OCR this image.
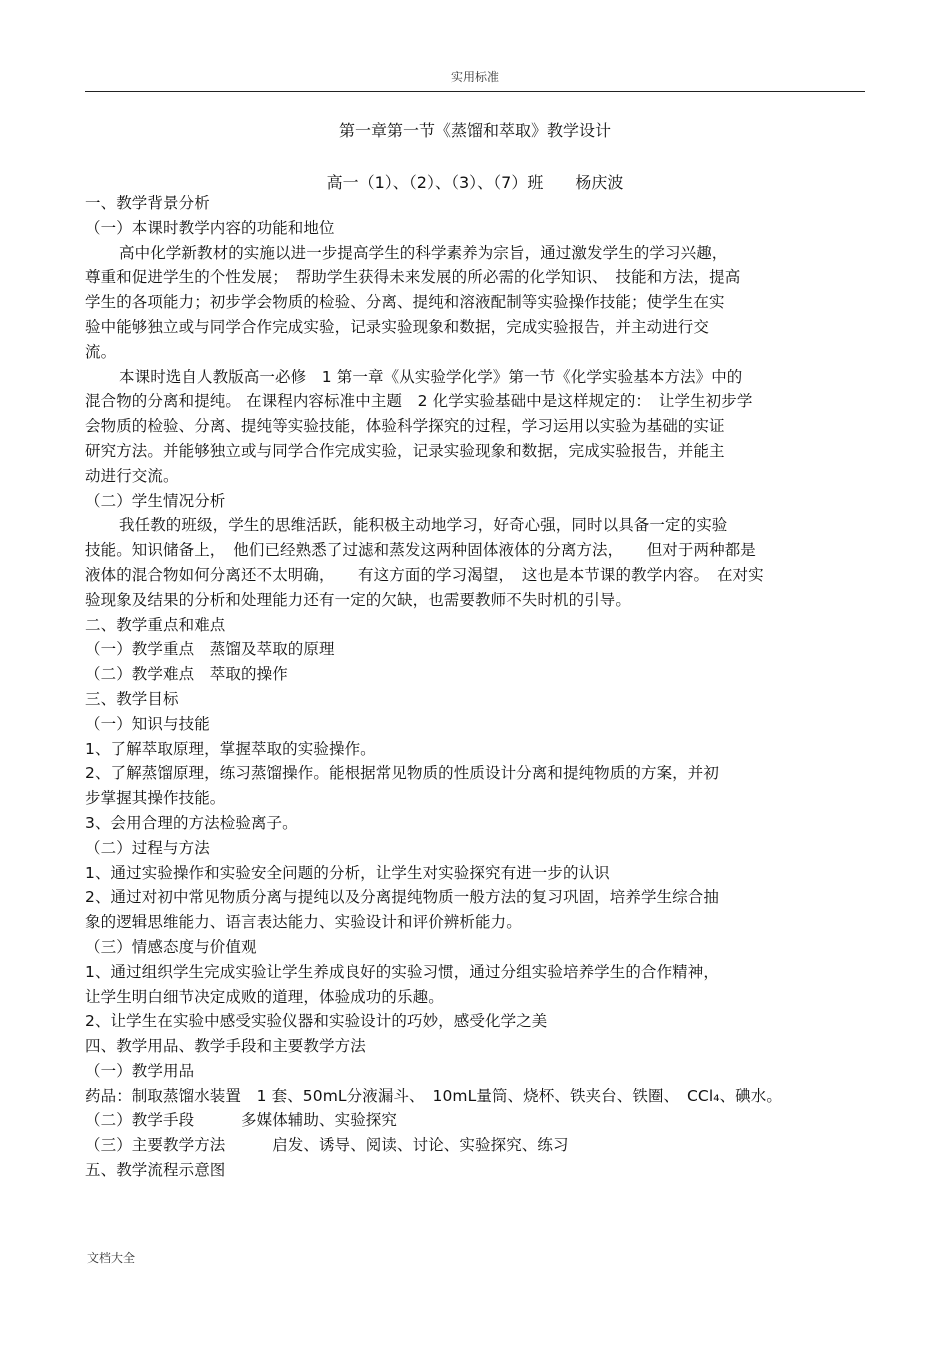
实用标准
第一章第一节《蒸馏和萃取》教学设计
高一（1）、（2）、（3）、（7）班　　杨庆波
一、教学背景分析
（一）本课时教学内容的功能和地位
高中化学新教材的实施以进一步提高学生的科学素养为宗旨，通过激发学生的学习兴趣，
尊重和促进学生的个性发展；　帮助学生获得未来发展的所必需的化学知识、　技能和方法，提高
学生的各项能力；初步学会物质的检验、分离、提纯和溶液配制等实验操作技能；使学生在实
验中能够独立或与同学合作完成实验，记录实验现象和数据，完成实验报告，并主动进行交
流。
本课时选自人教版高一必修　1 第一章《从实验学化学》第一节《化学实验基本方法》中的
混合物的分离和提纯。 在课程内容标准中主题　2 化学实验基础中是这样规定的：　让学生初步学
会物质的检验、分离、提纯等实验技能，体验科学探究的过程，学习运用以实验为基础的实证
研究方法。并能够独立或与同学合作完成实验，记录实验现象和数据，完成实验报告，并能主
动进行交流。
（二）学生情况分析
我任教的班级，学生的思维活跃，能积极主动地学习，好奇心强，同时以具备一定的实验
技能。知识储备上，　他们已经熟悉了过滤和蒸发这两种固体液体的分离方法，　　但对于两种都是
液体的混合物如何分离还不太明确，　　有这方面的学习渴望，　这也是本节课的教学内容。　在对实
验现象及结果的分析和处理能力还有一定的欠缺，也需要教师不失时机的引导。
二、教学重点和难点
（一）教学重点　蒸馏及萃取的原理
（二）教学难点　萃取的操作
三、教学目标
（一）知识与技能
1、了解萃取原理，掌握萃取的实验操作。
2、了解蒸馏原理，练习蒸馏操作。能根据常见物质的性质设计分离和提纯物质的方案，并初
步掌握其操作技能。
3、会用合理的方法检验离子。
（二）过程与方法
1、通过实验操作和实验安全问题的分析，让学生对实验探究有进一步的认识
2、通过对初中常见物质分离与提纯以及分离提纯物质一般方法的复习巩固，培养学生综合抽
象的逻辑思维能力、语言表达能力、实验设计和评价辨析能力。
（三）情感态度与价值观
1、通过组织学生完成实验让学生养成良好的实验习惯，通过分组实验培养学生的合作精神，
让学生明白细节决定成败的道理，体验成功的乐趣。
2、让学生在实验中感受实验仪器和实验设计的巧妙，感受化学之美
四、教学用品、教学手段和主要教学方法
（一）教学用品
药品：制取蒸馏水装置　1 套、50mL分液漏斗、　10mL量筒、烧杯、铁夹台、铁圈、　CCl₄、碘水。
（二）教学手段　　　多媒体辅助、实验探究
（三）主要教学方法　　　启发、诱导、阅读、讨论、实验探究、练习
五、教学流程示意图
文档大全
